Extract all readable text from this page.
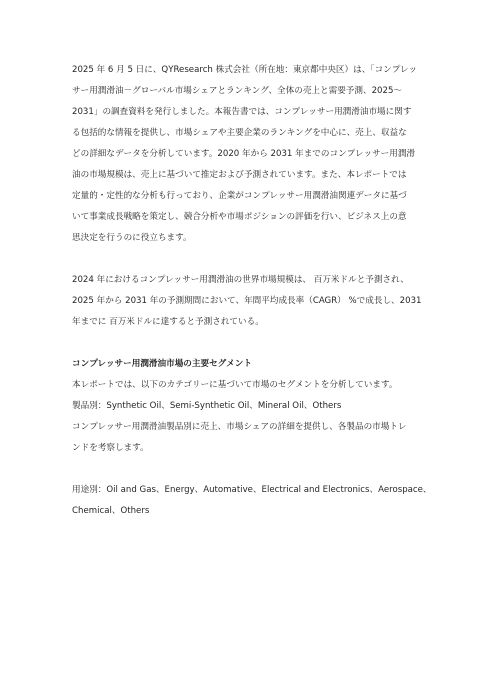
2025 年 6 月 5 日に、QYResearch 株式会社（所在地：東京都中央区）は、「コンプレッ
サー用潤滑油－グローバル市場シェアとランキング、全体の売上と需要予測、2025～
2031」の調査資料を発行しました。本報告書では、コンプレッサー用潤滑油市場に関す
る包括的な情報を提供し、市場シェアや主要企業のランキングを中心に、売上、収益な
どの詳細なデータを分析しています。2020 年から 2031 年までのコンプレッサー用潤滑
油の市場規模は、売上に基づいて推定および予測されています。また、本レポートでは
定量的・定性的な分析も行っており、企業がコンプレッサー用潤滑油関連データに基づ
いて事業成長戦略を策定し、競合分析や市場ポジションの評価を行い、ビジネス上の意
思決定を行うのに役立ちます。
2024 年におけるコンプレッサー用潤滑油の世界市場規模は、 百万米ドルと予測され、
2025 年から 2031 年の予測期間において、年間平均成長率（CAGR） %で成長し、2031
年までに 百万米ドルに達すると予測されている。
コンプレッサー用潤滑油市場の主要セグメント
本レポートでは、以下のカテゴリーに基づいて市場のセグメントを分析しています。
製品別：Synthetic Oil、Semi-Synthetic Oil、Mineral Oil、Others
コンプレッサー用潤滑油製品別に売上、市場シェアの詳細を提供し、各製品の市場トレ
ンドを考察します。
用途別：Oil and Gas、Energy、Automative、Electrical and Electronics、Aerospace、
Chemical、Others
